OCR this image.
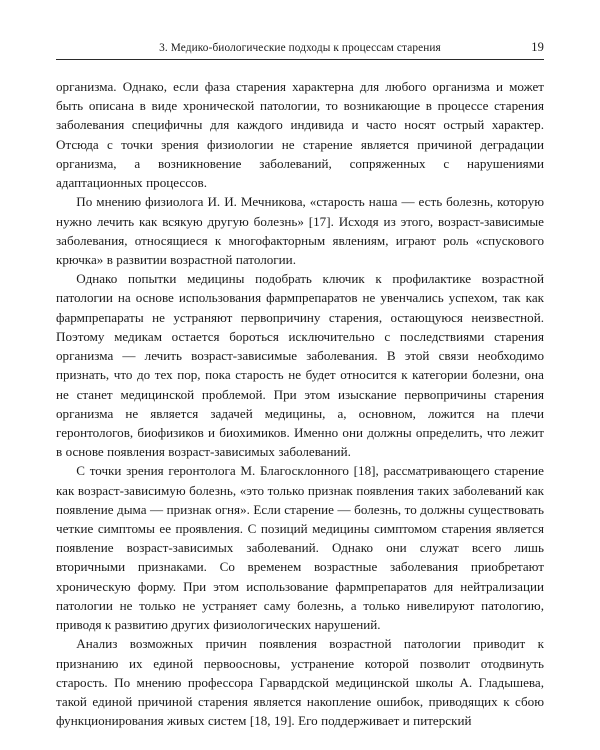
3. Медико-биологические подходы к процессам старения	19

организма. Однако, если фаза старения характерна для любого организма и может быть описана в виде хронической патологии, то возникающие в процессе старения заболевания специфичны для каждого индивида и часто носят острый характер. Отсюда с точки зрения физиологии не старение является причиной деградации организма, а возникновение заболеваний, сопряженных с нарушениями адаптационных процессов.

По мнению физиолога И. И. Мечникова, «старость наша — есть болезнь, которую нужно лечить как всякую другую болезнь» [17]. Исходя из этого, возраст-зависимые заболевания, относящиеся к многофакторным явлениям, играют роль «спускового крючка» в развитии возрастной патологии.

Однако попытки медицины подобрать ключик к профилактике возрастной патологии на основе использования фармпрепаратов не увенчались успехом, так как фармпрепараты не устраняют первопричину старения, остающуюся неизвестной. Поэтому медикам остается бороться исключительно с последствиями старения организма — лечить возраст-зависимые заболевания. В этой связи необходимо признать, что до тех пор, пока старость не будет относится к категории болезни, она не станет медицинской проблемой. При этом изыскание первопричины старения организма не является задачей медицины, а, основном, ложится на плечи геронтологов, биофизиков и биохимиков. Именно они должны определить, что лежит в основе появления возраст-зависимых заболеваний.

С точки зрения геронтолога М. Благосклонного [18], рассматривающего старение как возраст-зависимую болезнь, «это только признак появления таких заболеваний как появление дыма — признак огня». Если старение — болезнь, то должны существовать четкие симптомы ее проявления. С позиций медицины симптомом старения является появление возраст-зависимых заболеваний. Однако они служат всего лишь вторичными признаками. Со временем возрастные заболевания приобретают хроническую форму. При этом использование фармпрепаратов для нейтрализации патологии не только не устраняет саму болезнь, а только нивелируют патологию, приводя к развитию других физиологических нарушений.

Анализ возможных причин появления возрастной патологии приводит к признанию их единой первоосновы, устранение которой позволит отодвинуть старость. По мнению профессора Гарвардской медицинской школы А. Гладышева, такой единой причиной старения является накопление ошибок, приводящих к сбою функционирования живых систем [18, 19]. Его поддерживает и питерский
